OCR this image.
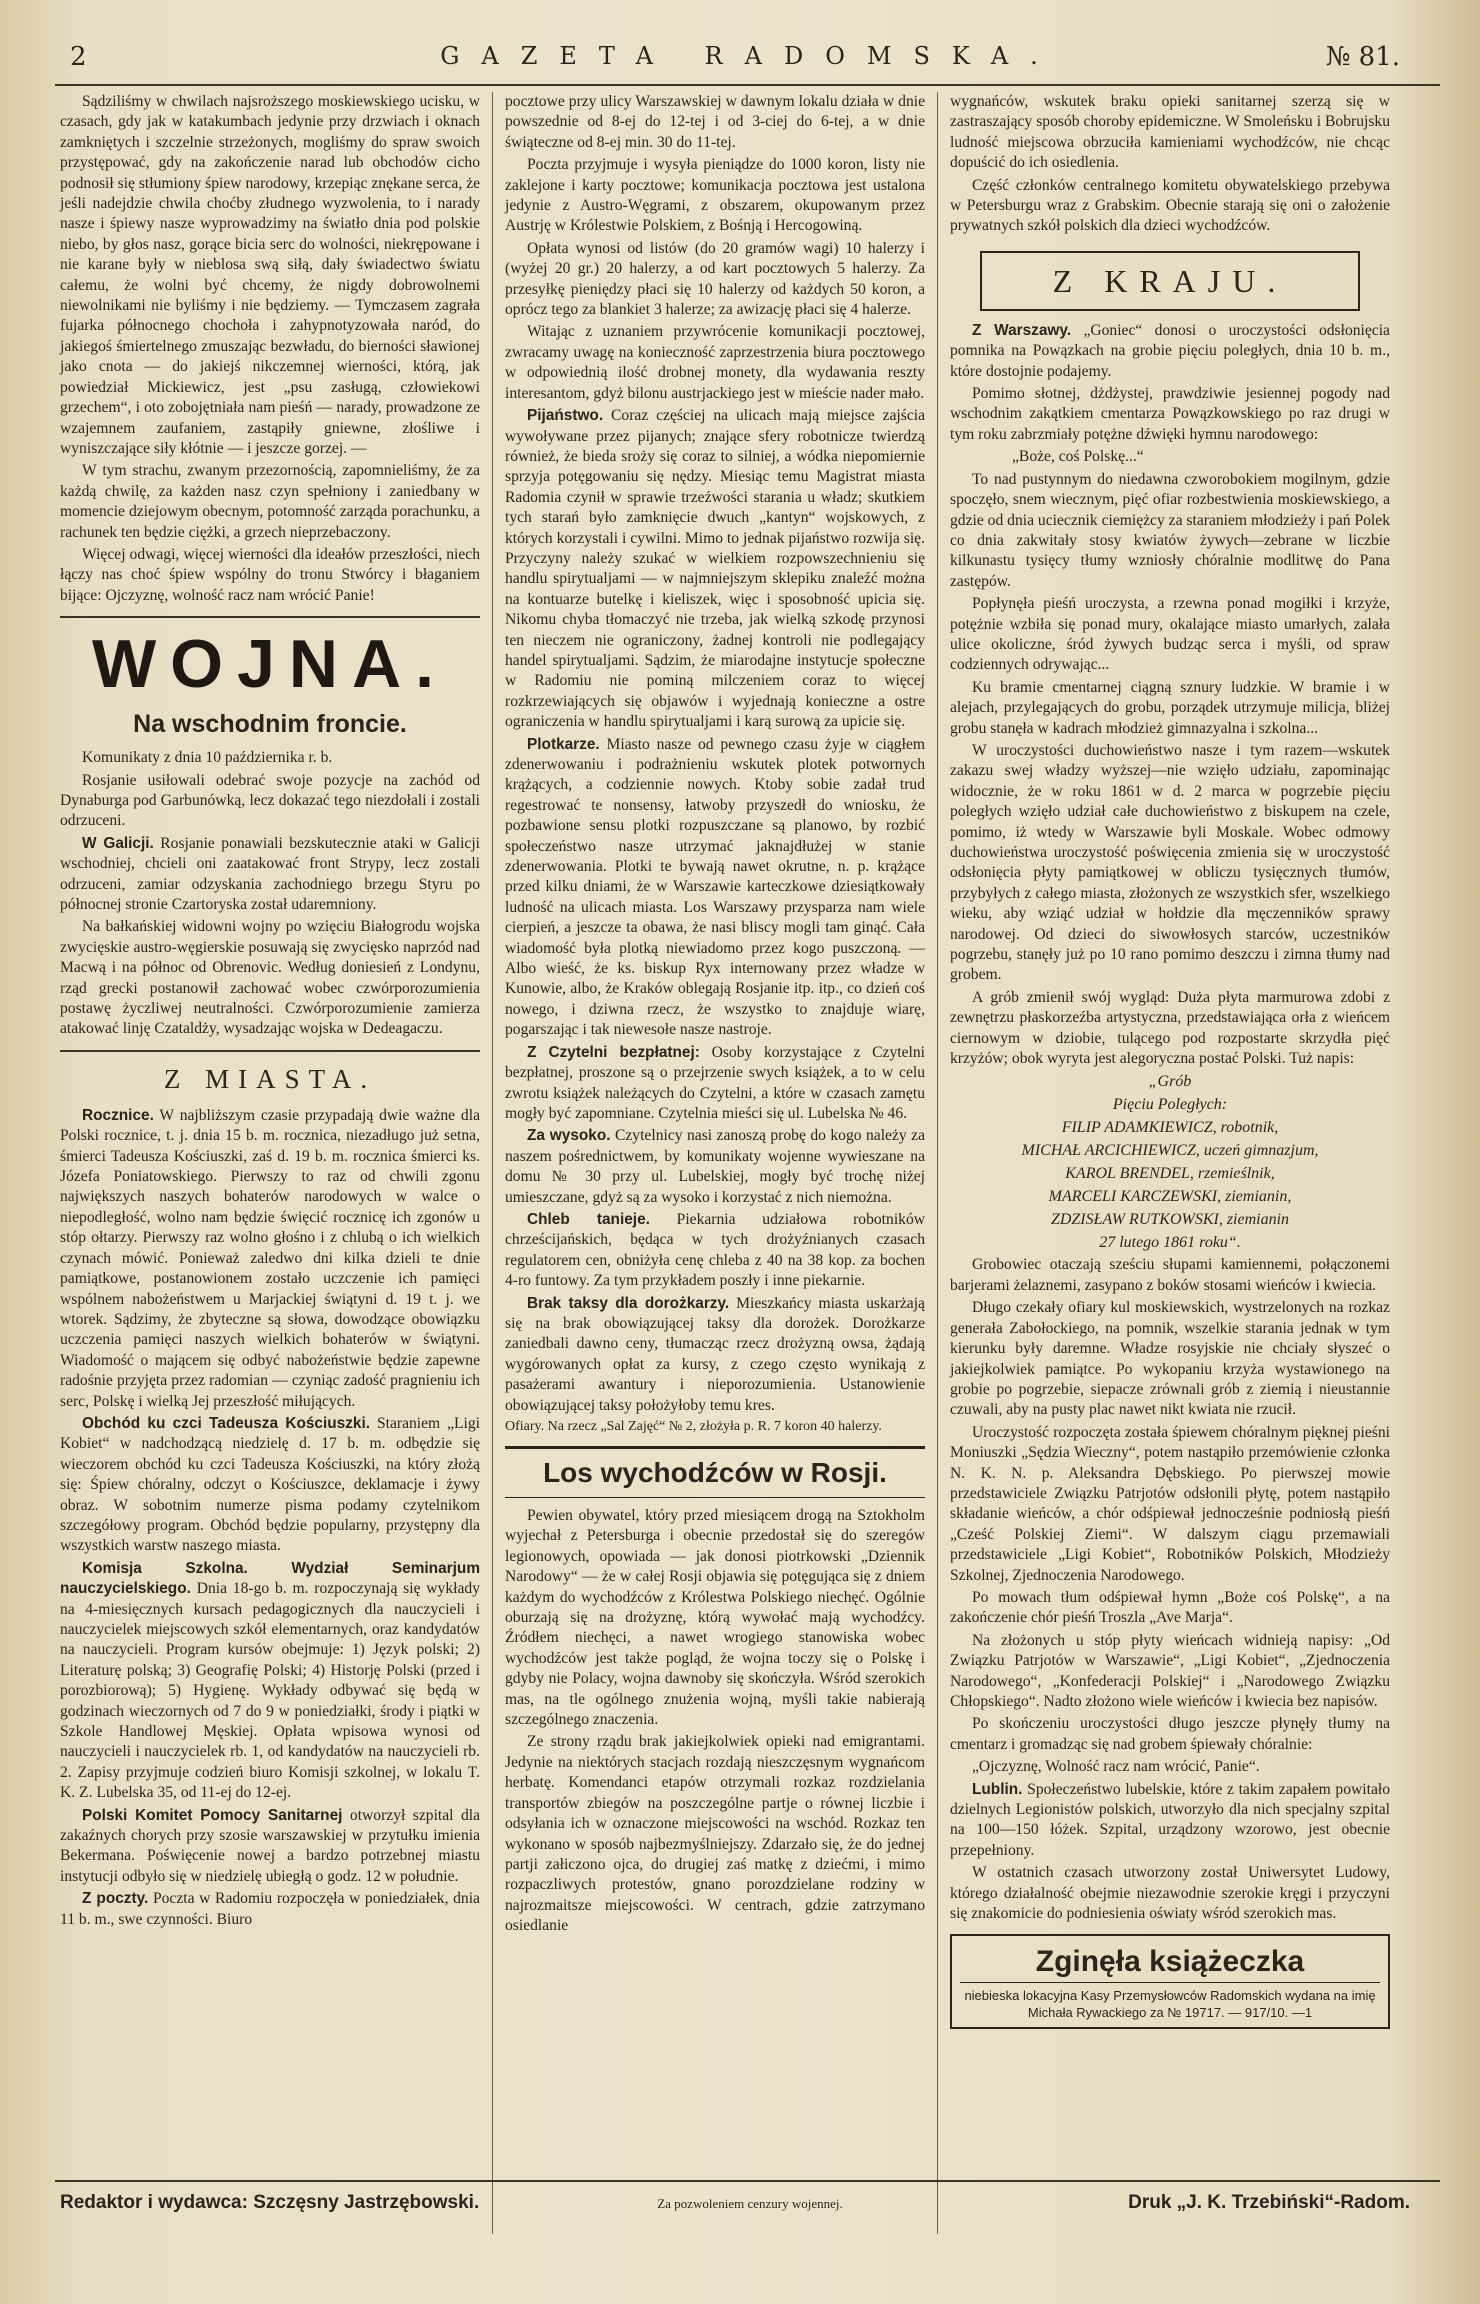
2	GAZETA RADOMSKA.	№ 81.

Sądziliśmy w chwilach najsroższego moskiewskiego ucisku, w czasach, gdy jak w katakumbach jedynie przy drzwiach i oknach zamkniętych i szczelnie strzeżonych, mogliśmy do spraw swoich przystępować, gdy na zakończenie narad lub obchodów cicho podnosił się stłumiony śpiew narodowy, krzepiąc znękane serca, że jeśli nadejdzie chwila choćby złudnego wyzwolenia, to i narady nasze i śpiewy nasze wyprowadzimy na światło dnia pod polskie niebo, by głos nasz, gorące bicia serc do wolności, niekrępowane i nie karane były w nieblosa swą siłą, dały świadectwo światu całemu, że wolni być chcemy, że nigdy dobrowolnemi niewolnikami nie byliśmy i nie będziemy. — Tymczasem zagrała fujarka północnego chochoła i zahypnotyzowała naród, do jakiegoś śmiertelnego zmuszając bezwładu, do bierności sławionej jako cnota — do jakiejś nikczemnej wierności, którą, jak powiedział Mickiewicz, jest „psu zasługą, człowiekowi grzechem“, i oto zobojętniała nam pieśń — narady, prowadzone ze wzajemnem zaufaniem, zastąpiły gniewne, złośliwe i wyniszczające siły kłótnie — i jeszcze gorzej. —

W tym strachu, zwanym przezornością, zapomnieliśmy, że za każdą chwilę, za każden nasz czyn spełniony i zaniedbany w momencie dziejowym obecnym, potomność zarząda porachunku, a rachunek ten będzie ciężki, a grzech nieprzebaczony.

Więcej odwagi, więcej wierności dla ideałów przeszłości, niech łączy nas choć śpiew wspólny do tronu Stwórcy i błaganiem bijące: Ojczyznę, wolność racz nam wrócić Panie!

WOJNA.
Na wschodnim froncie.

Komunikaty z dnia 10 października r. b.

Rosjanie usiłowali odebrać swoje pozycje na zachód od Dynaburga pod Garbunówką, lecz dokazać tego niezdołali i zostali odrzuceni.

W Galicji. Rosjanie ponawiali bezskutecznie ataki w Galicji wschodniej, chcieli oni zaatakować front Strypy, lecz zostali odrzuceni, zamiar odzyskania zachodniego brzegu Styru po północnej stronie Czartoryska został udaremniony.

Na bałkańskiej widowni wojny po wzięciu Białogrodu wojska zwycięskie austro-węgierskie posuwają się zwycięsko naprzód nad Macwą i na północ od Obrenovic. Według doniesień z Londynu, rząd grecki postanowił zachować wobec czwórporozumienia postawę życzliwej neutralności. Czwórporozumienie zamierza atakować linję Czataldży, wysadzając wojska w Dedeagaczu.

Z MIASTA.

Rocznice. W najbliższym czasie przypadają dwie ważne dla Polski rocznice, t. j. dnia 15 b. m. rocznica, niezadługo już setna, śmierci Tadeusza Kościuszki, zaś d. 19 b. m. rocznica śmierci ks. Józefa Poniatowskiego. Pierwszy to raz od chwili zgonu największych naszych bohaterów narodowych w walce o niepodległość, wolno nam będzie święcić rocznicę ich zgonów u stóp ołtarzy. Pierwszy raz wolno głośno i z chlubą o ich wielkich czynach mówić. Ponieważ zaledwo dni kilka dzieli te dnie pamiątkowe, postanowionem zostało uczczenie ich pamięci wspólnem nabożeństwem u Marjackiej świątyni d. 19 t. j. we wtorek. Sądzimy, że zbyteczne są słowa, dowodzące obowiązku uczczenia pamięci naszych wielkich bohaterów w świątyni. Wiadomość o mającem się odbyć nabożeństwie będzie zapewne radośnie przyjęta przez radomian — czyniąc zadość pragnieniu ich serc, Polskę i wielką Jej przeszłość miłujących.

Obchód ku czci Tadeusza Kościuszki. Staraniem „Ligi Kobiet“ w nadchodzącą niedzielę d. 17 b. m. odbędzie się wieczorem obchód ku czci Tadeusza Kościuszki, na który złożą się: Śpiew chóralny, odczyt o Kościuszce, deklamacje i żywy obraz. W sobotnim numerze pisma podamy czytelnikom szczegółowy program. Obchód będzie popularny, przystępny dla wszystkich warstw naszego miasta.

Komisja Szkolna. Wydział Seminarjum nauczycielskiego. Dnia 18-go b. m. rozpoczynają się wykłady na 4-miesięcznych kursach pedagogicznych dla nauczycieli i nauczycielek miejscowych szkół elementarnych, oraz kandydatów na nauczycieli. Program kursów obejmuje: 1) Język polski; 2) Literaturę polską; 3) Geografię Polski; 4) Historję Polski (przed i porozbiorową); 5) Hygienę. Wykłady odbywać się będą w godzinach wieczornych od 7 do 9 w poniedziałki, środy i piątki w Szkole Handlowej Męskiej. Opłata wpisowa wynosi od nauczycieli i nauczycielek rb. 1, od kandydatów na nauczycieli rb. 2. Zapisy przyjmuje codzień biuro Komisji szkolnej, w lokalu T. K. Z. Lubelska 35, od 11-ej do 12-ej.

Polski Komitet Pomocy Sanitarnej otworzył szpital dla zakaźnych chorych przy szosie warszawskiej w przytułku imienia Bekermana. Poświęcenie nowej a bardzo potrzebnej miastu instytucji odbyło się w niedzielę ubiegłą o godz. 12 w południe.

Z poczty. Poczta w Radomiu rozpoczęła w poniedziałek, dnia 11 b. m., swe czynności. Biuro

pocztowe przy ulicy Warszawskiej w dawnym lokalu działa w dnie powszednie od 8-ej do 12-tej i od 3-ciej do 6-tej, a w dnie świąteczne od 8-ej min. 30 do 11-tej.

Poczta przyjmuje i wysyła pieniądze do 1000 koron, listy nie zaklejone i karty pocztowe; komunikacja pocztowa jest ustalona jedynie z Austro-Węgrami, z obszarem, okupowanym przez Austrję w Królestwie Polskiem, z Bośnją i Hercogowiną.

Opłata wynosi od listów (do 20 gramów wagi) 10 halerzy i (wyżej 20 gr.) 20 halerzy, a od kart pocztowych 5 halerzy. Za przesyłkę pieniędzy płaci się 10 halerzy od każdych 50 koron, a oprócz tego za blankiet 3 halerze; za awizację płaci się 4 halerze.

Witając z uznaniem przywrócenie komunikacji pocztowej, zwracamy uwagę na konieczność zaprzestrzenia biura pocztowego w odpowiednią ilość drobnej monety, dla wydawania reszty interesantom, gdyż bilonu austrjackiego jest w mieście nader mało.

Pijaństwo. Coraz częściej na ulicach mają miejsce zajścia wywoływane przez pijanych; znające sfery robotnicze twierdzą również, że bieda sroży się coraz to silniej, a wódka niepomiernie sprzyja potęgowaniu się nędzy. Miesiąc temu Magistrat miasta Radomia czynił w sprawie trzeźwości starania u władz; skutkiem tych starań było zamknięcie dwuch „kantyn“ wojskowych, z których korzystali i cywilni. Mimo to jednak pijaństwo rozwija się. Przyczyny należy szukać w wielkiem rozpowszechnieniu się handlu spirytualjami — w najmniejszym sklepiku znaleźć można na kontuarze butelkę i kieliszek, więc i sposobność upicia się. Nikomu chyba tłomaczyć nie trzeba, jak wielką szkodę przynosi ten nieczem nie ograniczony, żadnej kontroli nie podlegający handel spirytualjami. Sądzim, że miarodajne instytucje społeczne w Radomiu nie pominą milczeniem coraz to więcej rozkrzewiających się objawów i wyjednają konieczne a ostre ograniczenia w handlu spirytualjami i karą surową za upicie się.

Plotkarze. Miasto nasze od pewnego czasu żyje w ciągłem zdenerwowaniu i podrażnieniu wskutek plotek potwornych krążących, a codziennie nowych. Ktoby sobie zadał trud regestrować te nonsensy, łatwoby przyszedł do wniosku, że pozbawione sensu plotki rozpuszczane są planowo, by rozbić społeczeństwo nasze utrzymać jaknajdłużej w stanie zdenerwowania. Plotki te bywają nawet okrutne, n. p. krążące przed kilku dniami, że w Warszawie karteczkowe dziesiątkowały ludność na ulicach miasta. Los Warszawy przysparza nam wiele cierpień, a jeszcze ta obawa, że nasi bliscy mogli tam ginąć. Cała wiadomość była plotką niewiadomo przez kogo puszczoną. — Albo wieść, że ks. biskup Ryx internowany przez władze w Kunowie, albo, że Kraków oblegają Rosjanie itp. itp., co dzień coś nowego, i dziwna rzecz, że wszystko to znajduje wiarę, pogarszając i tak niewesołe nasze nastroje.

Z Czytelni bezpłatnej: Osoby korzystające z Czytelni bezpłatnej, proszone są o przejrzenie swych książek, a to w celu zwrotu książek należących do Czytelni, a które w czasach zamętu mogły być zapomniane. Czytelnia mieści się ul. Lubelska № 46.

Za wysoko. Czytelnicy nasi zanoszą probę do kogo należy za naszem pośrednictwem, by komunikaty wojenne wywieszane na domu № 30 przy ul. Lubelskiej, mogły być trochę niżej umieszczane, gdyż są za wysoko i korzystać z nich niemożna.

Chleb tanieje. Piekarnia udziałowa robotników chrześcijańskich, będąca w tych drożyźnianych czasach regulatorem cen, obniżyła cenę chleba z 40 na 38 kop. za bochen 4-ro funtowy. Za tym przykładem poszły i inne piekarnie.

Brak taksy dla dorożkarzy. Mieszkańcy miasta uskarżają się na brak obowiązującej taksy dla dorożek. Dorożkarze zaniedbali dawno ceny, tłumacząc rzecz drożyzną owsa, żądają wygórowanych opłat za kursy, z czego często wynikają z pasażerami awantury i nieporozumienia. Ustanowienie obowiązującej taksy położyłoby temu kres.

Ofiary. Na rzecz „Sal Zajęć“ № 2, złożyła p. R. 7 koron 40 halerzy.

Los wychodźców w Rosji.

Pewien obywatel, który przed miesiącem drogą na Sztokholm wyjechał z Petersburga i obecnie przedostał się do szeregów legionowych, opowiada — jak donosi piotrkowski „Dziennik Narodowy“ — że w całej Rosji objawia się potęgująca się z dniem każdym do wychodźców z Królestwa Polskiego niechęć. Ogólnie oburzają się na drożyznę, którą wywołać mają wychodźcy. Źródłem niechęci, a nawet wrogiego stanowiska wobec wychodźców jest także pogląd, że wojna toczy się o Polskę i gdyby nie Polacy, wojna dawnoby się skończyła. Wśród szerokich mas, na tle ogólnego znużenia wojną, myśli takie nabierają szczególnego znaczenia.

Ze strony rządu brak jakiejkolwiek opieki nad emigrantami. Jedynie na niektórych stacjach rozdają nieszczęsnym wygnańcom herbatę. Komendanci etapów otrzymali rozkaz rozdzielania transportów zbiegów na poszczególne partje o równej liczbie i odsyłania ich w oznaczone miejscowości na wschód. Rozkaz ten wykonano w sposób najbezmyślniejszy. Zdarzało się, że do jednej partji załiczono ojca, do drugiej zaś matkę z dziećmi, i mimo rozpaczliwych protestów, gnano porozdzielane rodziny w najrozmaitsze miejscowości. W centrach, gdzie zatrzymano osiedlanie

wygnańców, wskutek braku opieki sanitarnej szerzą się w zastraszający sposób choroby epidemiczne. W Smoleńsku i Bobrujsku ludność miejscowa obrzuciła kamieniami wychodźców, nie chcąc dopuścić do ich osiedlenia.

Część członków centralnego komitetu obywatelskiego przebywa w Petersburgu wraz z Grabskim. Obecnie starają się oni o założenie prywatnych szkół polskich dla dzieci wychodźców.

Z KRAJU.

Z Warszawy. „Goniec“ donosi o uroczystości odsłonięcia pomnika na Powązkach na grobie pięciu poległych, dnia 10 b. m., które dostojnie podajemy.

Pomimo słotnej, dżdżystej, prawdziwie jesiennej pogody nad wschodnim zakątkiem cmentarza Powązkowskiego po raz drugi w tym roku zabrzmiały potężne dźwięki hymnu narodowego:

„Boże, coś Polskę...“

To nad pustynnym do niedawna czworobokiem mogilnym, gdzie spoczęło, snem wiecznym, pięć ofiar rozbestwienia moskiewskiego, a gdzie od dnia uciecznik ciemiężcy za staraniem młodzieży i pań Polek co dnia zakwitały stosy kwiatów żywych—zebrane w liczbie kilkunastu tysięcy tłumy wzniosły chóralnie modlitwę do Pana zastępów.

Popłynęła pieśń uroczysta, a rzewna ponad mogiłki i krzyże, potężnie wzbiła się ponad mury, okalające miasto umarłych, zalała ulice okoliczne, śród żywych budząc serca i myśli, od spraw codziennych odrywając...

Ku bramie cmentarnej ciągną sznury ludzkie. W bramie i w alejach, przylegających do grobu, porządek utrzymuje milicja, bliżej grobu stanęła w kadrach młodzież gimnazyalna i szkolna...

W uroczystości duchowieństwo nasze i tym razem—wskutek zakazu swej władzy wyższej—nie wzięło udziału, zapominając widocznie, że w roku 1861 w d. 2 marca w pogrzebie pięciu poległych wzięło udział całe duchowieństwo z biskupem na czele, pomimo, iż wtedy w Warszawie byli Moskale. Wobec odmowy duchowieństwa uroczystość poświęcenia zmienia się w uroczystość odsłonięcia płyty pamiątkowej w obliczu tysięcznych tłumów, przybyłych z całego miasta, złożonych ze wszystkich sfer, wszelkiego wieku, aby wziąć udział w hołdzie dla męczenników sprawy narodowej. Od dzieci do siwowłosych starców, uczestników pogrzebu, stanęły już po 10 rano pomimo deszczu i zimna tłumy nad grobem.

A grób zmienił swój wygląd: Duża płyta marmurowa zdobi z zewnętrzu płaskorzeźba artystyczna, przedstawiająca orła z wieńcem ciernowym w dziobie, tulącego pod rozpostarte skrzydła pięć krzyżów; obok wyryta jest alegoryczna postać Polski. Tuż napis:

„Grób

Pięciu Poległych:

FILIP ADAMKIEWICZ, robotnik,

MICHAŁ ARCICHIEWICZ, uczeń gimnazjum,

KAROL BRENDEL, rzemieślnik,

MARCELI KARCZEWSKI, ziemianin,

ZDZISŁAW RUTKOWSKI, ziemianin

27 lutego 1861 roku“.

Grobowiec otaczają sześciu słupami kamiennemi, połączonemi barjerami żelaznemi, zasypano z boków stosami wieńców i kwiecia.

Długo czekały ofiary kul moskiewskich, wystrzelonych na rozkaz generała Zabołockiego, na pomnik, wszelkie starania jednak w tym kierunku były daremne. Władze rosyjskie nie chciały słyszeć o jakiejkolwiek pamiątce. Po wykopaniu krzyża wystawionego na grobie po pogrzebie, siepacze zrównali grób z ziemią i nieustannie czuwali, aby na pusty plac nawet nikt kwiata nie rzucił.

Uroczystość rozpoczęta została śpiewem chóralnym pięknej pieśni Moniuszki „Sędzia Wieczny“, potem nastąpiło przemówienie członka N. K. N. p. Aleksandra Dębskiego. Po pierwszej mowie przedstawiciele Związku Patrjotów odsłonili płytę, potem nastąpiło składanie wieńców, a chór odśpiewał jednocześnie podniosłą pieśń „Cześć Polskiej Ziemi“. W dalszym ciągu przemawiali przedstawiciele „Ligi Kobiet“, Robotników Polskich, Młodzieży Szkolnej, Zjednoczenia Narodowego.

Po mowach tłum odśpiewał hymn „Boże coś Polskę“, a na zakończenie chór pieśń Troszla „Ave Marja“.

Na złożonych u stóp płyty wieńcach widnieją napisy: „Od Związku Patrjotów w Warszawie“, „Ligi Kobiet“, „Zjednoczenia Narodowego“, „Konfederacji Polskiej“ i „Narodowego Związku Chłopskiego“. Nadto złożono wiele wieńców i kwiecia bez napisów.

Po skończeniu uroczystości długo jeszcze płynęły tłumy na cmentarz i gromadząc się nad grobem śpiewały chóralnie:

„Ojczyznę, Wolność racz nam wrócić, Panie“.

Lublin. Społeczeństwo lubelskie, które z takim zapałem powitało dzielnych Legionistów polskich, utworzyło dla nich specjalny szpital na 100—150 łóżek. Szpital, urządzony wzorowo, jest obecnie przepełniony.

W ostatnich czasach utworzony został Uniwersytet Ludowy, którego działalność obejmie niezawodnie szerokie kręgi i przyczyni się znakomicie do podniesienia oświaty wśród szerokich mas.

Zginęła książeczka
niebieska lokacyjna Kasy Przemysłowców Radomskich wydana na imię Michała Rywackiego za № 19717. — 917/10. —1
Redaktor i wydawca: Szczęsny Jastrzębowski.	Za pozwoleniem cenzury wojennej.	Druk „J. K. Trzebiński“-Radom.
